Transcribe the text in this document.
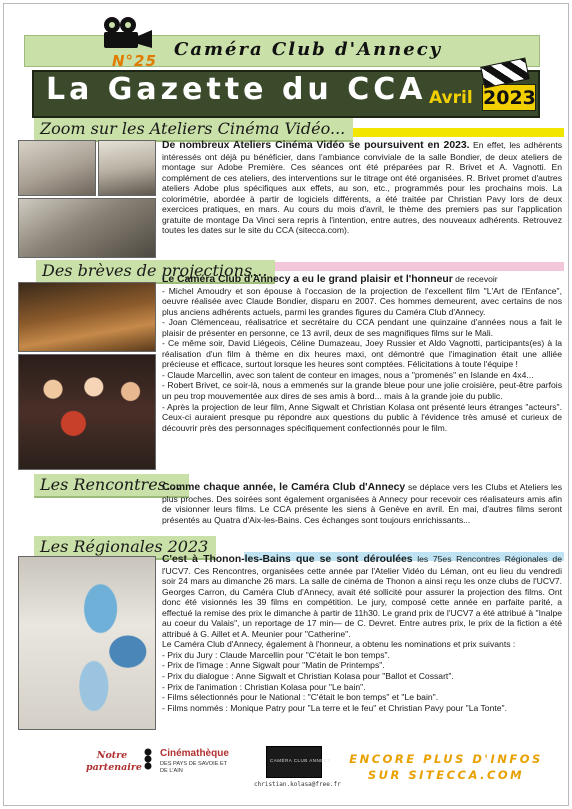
N°25
Caméra Club d'Annecy
La Gazette du CCA Avril 2023
Zoom sur les Ateliers Cinéma Vidéo...
De nombreux Ateliers Cinéma Vidéo se poursuivent en 2023. En effet, les adhérents intéressés ont déjà pu bénéficier, dans l'ambiance conviviale de la salle Bondier, de deux ateliers de montage sur Adobe Première. Ces séances ont été préparées par R. Brivet et A. Vagnotti. En complément de ces ateliers, des interventions sur le titrage ont été organisées. R. Brivet promet d'autres ateliers Adobe plus spécifiques aux effets, au son, etc., programmés pour les prochains mois. La colorimétrie, abordée à partir de logiciels différents, a été traitée par Christian Pavy lors de deux exercices pratiques, en mars. Au cours du mois d'avril, le thème des premiers pas sur l'application gratuite de montage Da Vinci sera repris à l'intention, entre autres, des nouveaux adhérents. Retrouvez toutes les dates sur le site du CCA (sitecca.com).
Des brèves de projections...
Le Caméra Club d'Annecy a eu le grand plaisir et l'honneur de recevoir
- Michel Amoudry et son épouse à l'occasion de la projection de l'excellent film "L'Art de l'Enfance", oeuvre réalisée avec Claude Bondier, disparu en 2007. Ces hommes demeurent, avec certains de nos plus anciens adhérents actuels, parmi les grandes figures du Caméra Club d'Annecy.
- Joan Clémenceau, réalisatrice et secrétaire du CCA pendant une quinzaine d'années nous a fait le plaisir de présenter en personne, ce 13 avril, deux de ses magnifiques films sur le Mali.
- Ce même soir, David Liégeois, Céline Dumazeau, Joey Russier et Aldo Vagnotti, participants(es) à la réalisation d'un film à thème en dix heures maxi, ont démontré que l'imagination était une alliée précieuse et efficace, surtout lorsque les heures sont comptées. Félicitations à toute l'équipe !
- Claude Marcellin, avec son talent de conteur en images, nous a "promenés" en Islande en 4x4...
- Robert Brivet, ce soir-là, nous a emmenés sur la grande bleue pour une jolie croisière, peut-être parfois un peu trop mouvementée aux dires de ses amis à bord... mais à la grande joie du public.
- Après la projection de leur film, Anne Sigwalt et Christian Kolasa ont présenté leurs étranges "acteurs". Ceux-ci auraient presque pu répondre aux questions du public à l'évidence très amusé et curieux de découvrir près des personnages spécifiquement confectionnés pour le film.
Les Rencontres...
Comme chaque année, le Caméra Club d'Annecy se déplace vers les Clubs et Ateliers les plus proches. Des soirées sont également organisées à Annecy pour recevoir ces réalisateurs amis afin de visionner leurs films. Le CCA présente les siens à Genève en avril. En mai, d'autres films seront présentés au Quatra d'Aix-les-Bains. Ces échanges sont toujours enrichissants...
Les Régionales 2023
C'est à Thonon-les-Bains que se sont déroulées les 75es Rencontres Régionales de l'UCV7. Ces Rencontres, organisées cette année par l'Atelier Vidéo du Léman, ont eu lieu du vendredi soir 24 mars au dimanche 26 mars. La salle de cinéma de Thonon a ainsi reçu les onze clubs de l'UCV7. Georges Carron, du Caméra Club d'Annecy, avait été sollicité pour assurer la projection des films. Ont donc été visionnés les 39 films en compétition. Le jury, composé cette année en parfaite parité, a effectué la remise des prix le dimanche à partir de 11h30. Le grand prix de l'UCV7 a été attribué à "Inalpe au coeur du Valais", un reportage de 17 min— de C. Devret. Entre autres prix, le prix de la fiction a été attribué à G. Aillet et A. Meunier pour "Catherine".
Le Caméra Club d'Annecy, également à l'honneur, a obtenu les nominations et prix suivants :
- Prix du Jury : Claude Marcellin pour "C'était le bon temps".
- Prix de l'image : Anne Sigwalt pour "Matin de Printemps".
- Prix du dialogue : Anne Sigwalt et Christian Kolasa pour "Ballot et Cossart".
- Prix de l'animation : Christian Kolasa pour "Le bain".
- Films sélectionnés pour le National : "C'était le bon temps" et "Le bain".
- Films nommés : Monique Patry pour "La terre et le feu" et Christian Pavy pour "La Tonte".
Notre partenaire
Cinémathèque
DES PAYS DE SAVOIE ET DE L'AIN
CAMÉRA CLUB ANNECY
christian.kolasa@free.fr
ENCORE PLUS D'INFOS SUR SITECCA.COM
